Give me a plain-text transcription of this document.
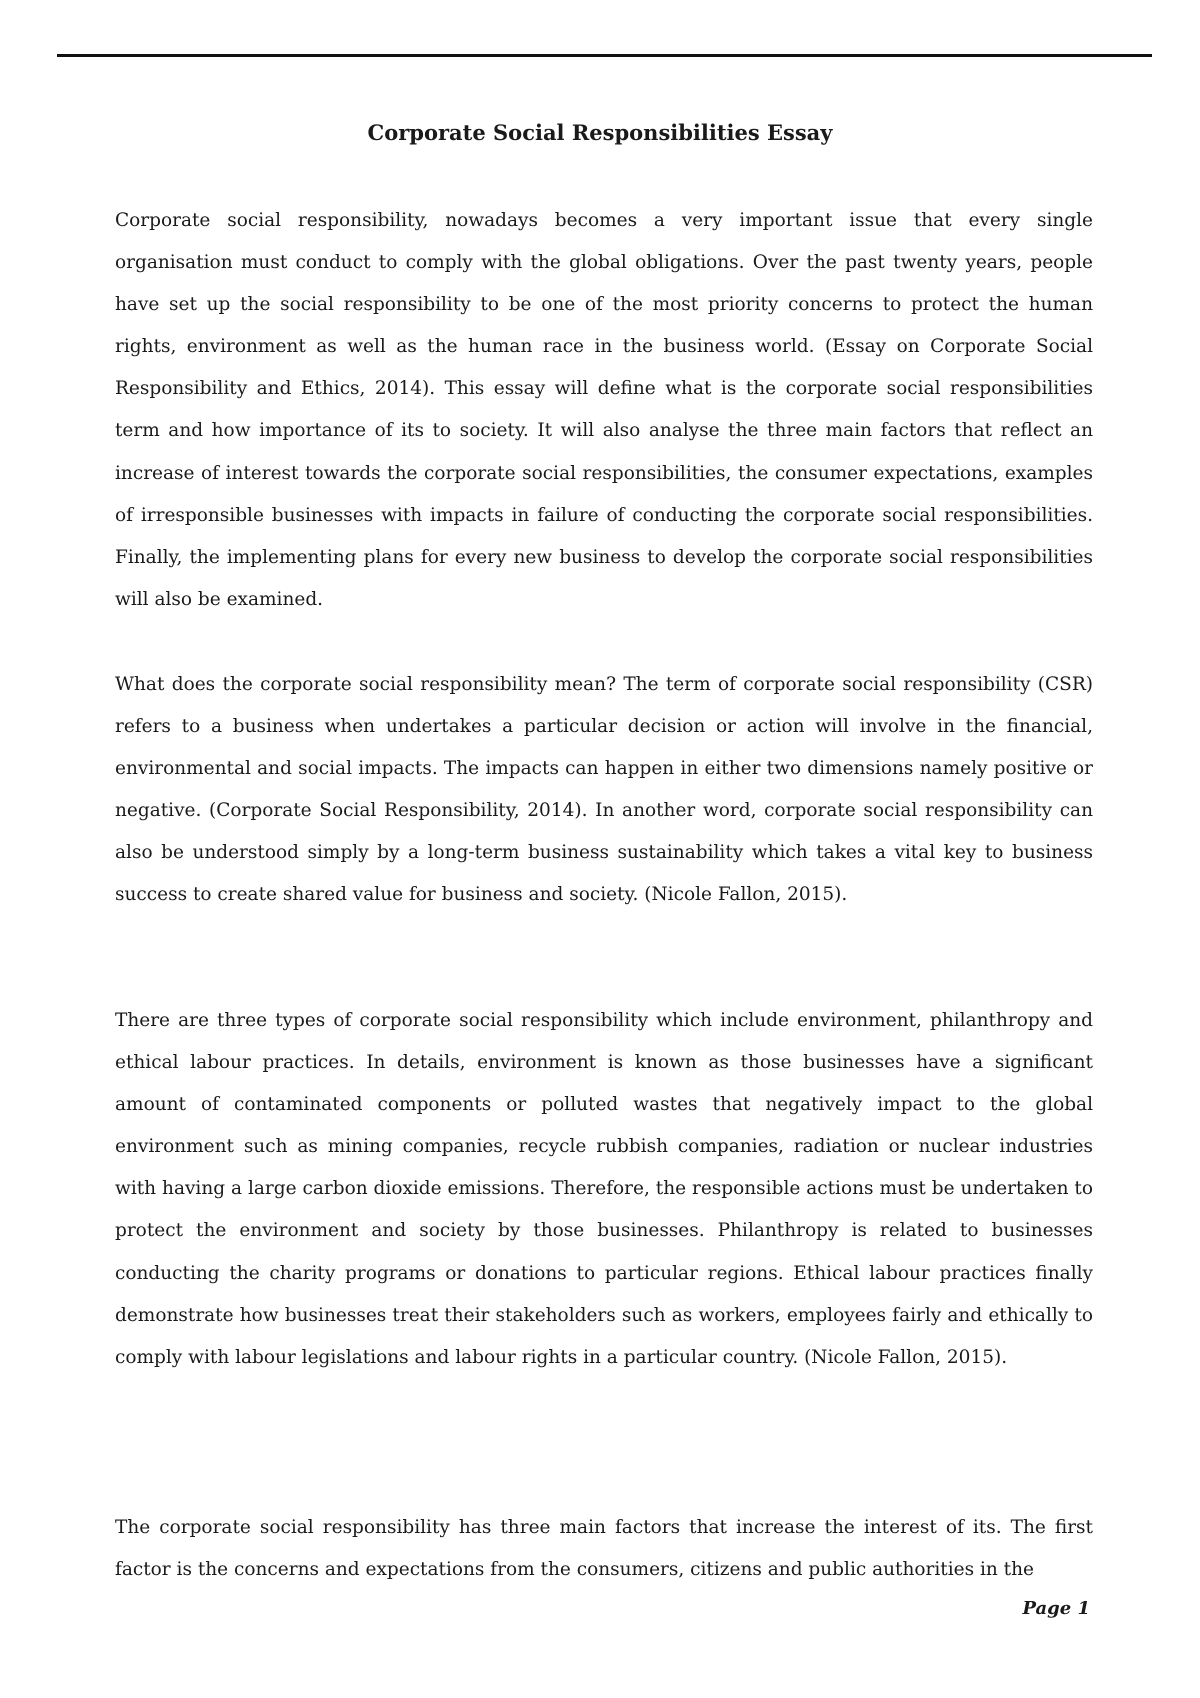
Corporate Social Responsibilities Essay

Corporate social responsibility, nowadays becomes a very important issue that every single organisation must conduct to comply with the global obligations. Over the past twenty years, people have set up the social responsibility to be one of the most priority concerns to protect the human rights, environment as well as the human race in the business world. (Essay on Corporate Social Responsibility and Ethics, 2014). This essay will define what is the corporate social responsibilities term and how importance of its to society. It will also analyse the three main factors that reflect an increase of interest towards the corporate social responsibilities, the consumer expectations, examples of irresponsible businesses with impacts in failure of conducting the corporate social responsibilities. Finally, the implementing plans for every new business to develop the corporate social responsibilities will also be examined.

What does the corporate social responsibility mean? The term of corporate social responsibility (CSR) refers to a business when undertakes a particular decision or action will involve in the financial, environmental and social impacts. The impacts can happen in either two dimensions namely positive or negative. (Corporate Social Responsibility, 2014). In another word, corporate social responsibility can also be understood simply by a long-term business sustainability which takes a vital key to business success to create shared value for business and society. (Nicole Fallon, 2015).

There are three types of corporate social responsibility which include environment, philanthropy and ethical labour practices. In details, environment is known as those businesses have a significant amount of contaminated components or polluted wastes that negatively impact to the global environment such as mining companies, recycle rubbish companies, radiation or nuclear industries with having a large carbon dioxide emissions. Therefore, the responsible actions must be undertaken to protect the environment and society by those businesses. Philanthropy is related to businesses conducting the charity programs or donations to particular regions. Ethical labour practices finally demonstrate how businesses treat their stakeholders such as workers, employees fairly and ethically to comply with labour legislations and labour rights in a particular country. (Nicole Fallon, 2015).

The corporate social responsibility has three main factors that increase the interest of its. The first factor is the concerns and expectations from the consumers, citizens and public authorities in the

Page 1
